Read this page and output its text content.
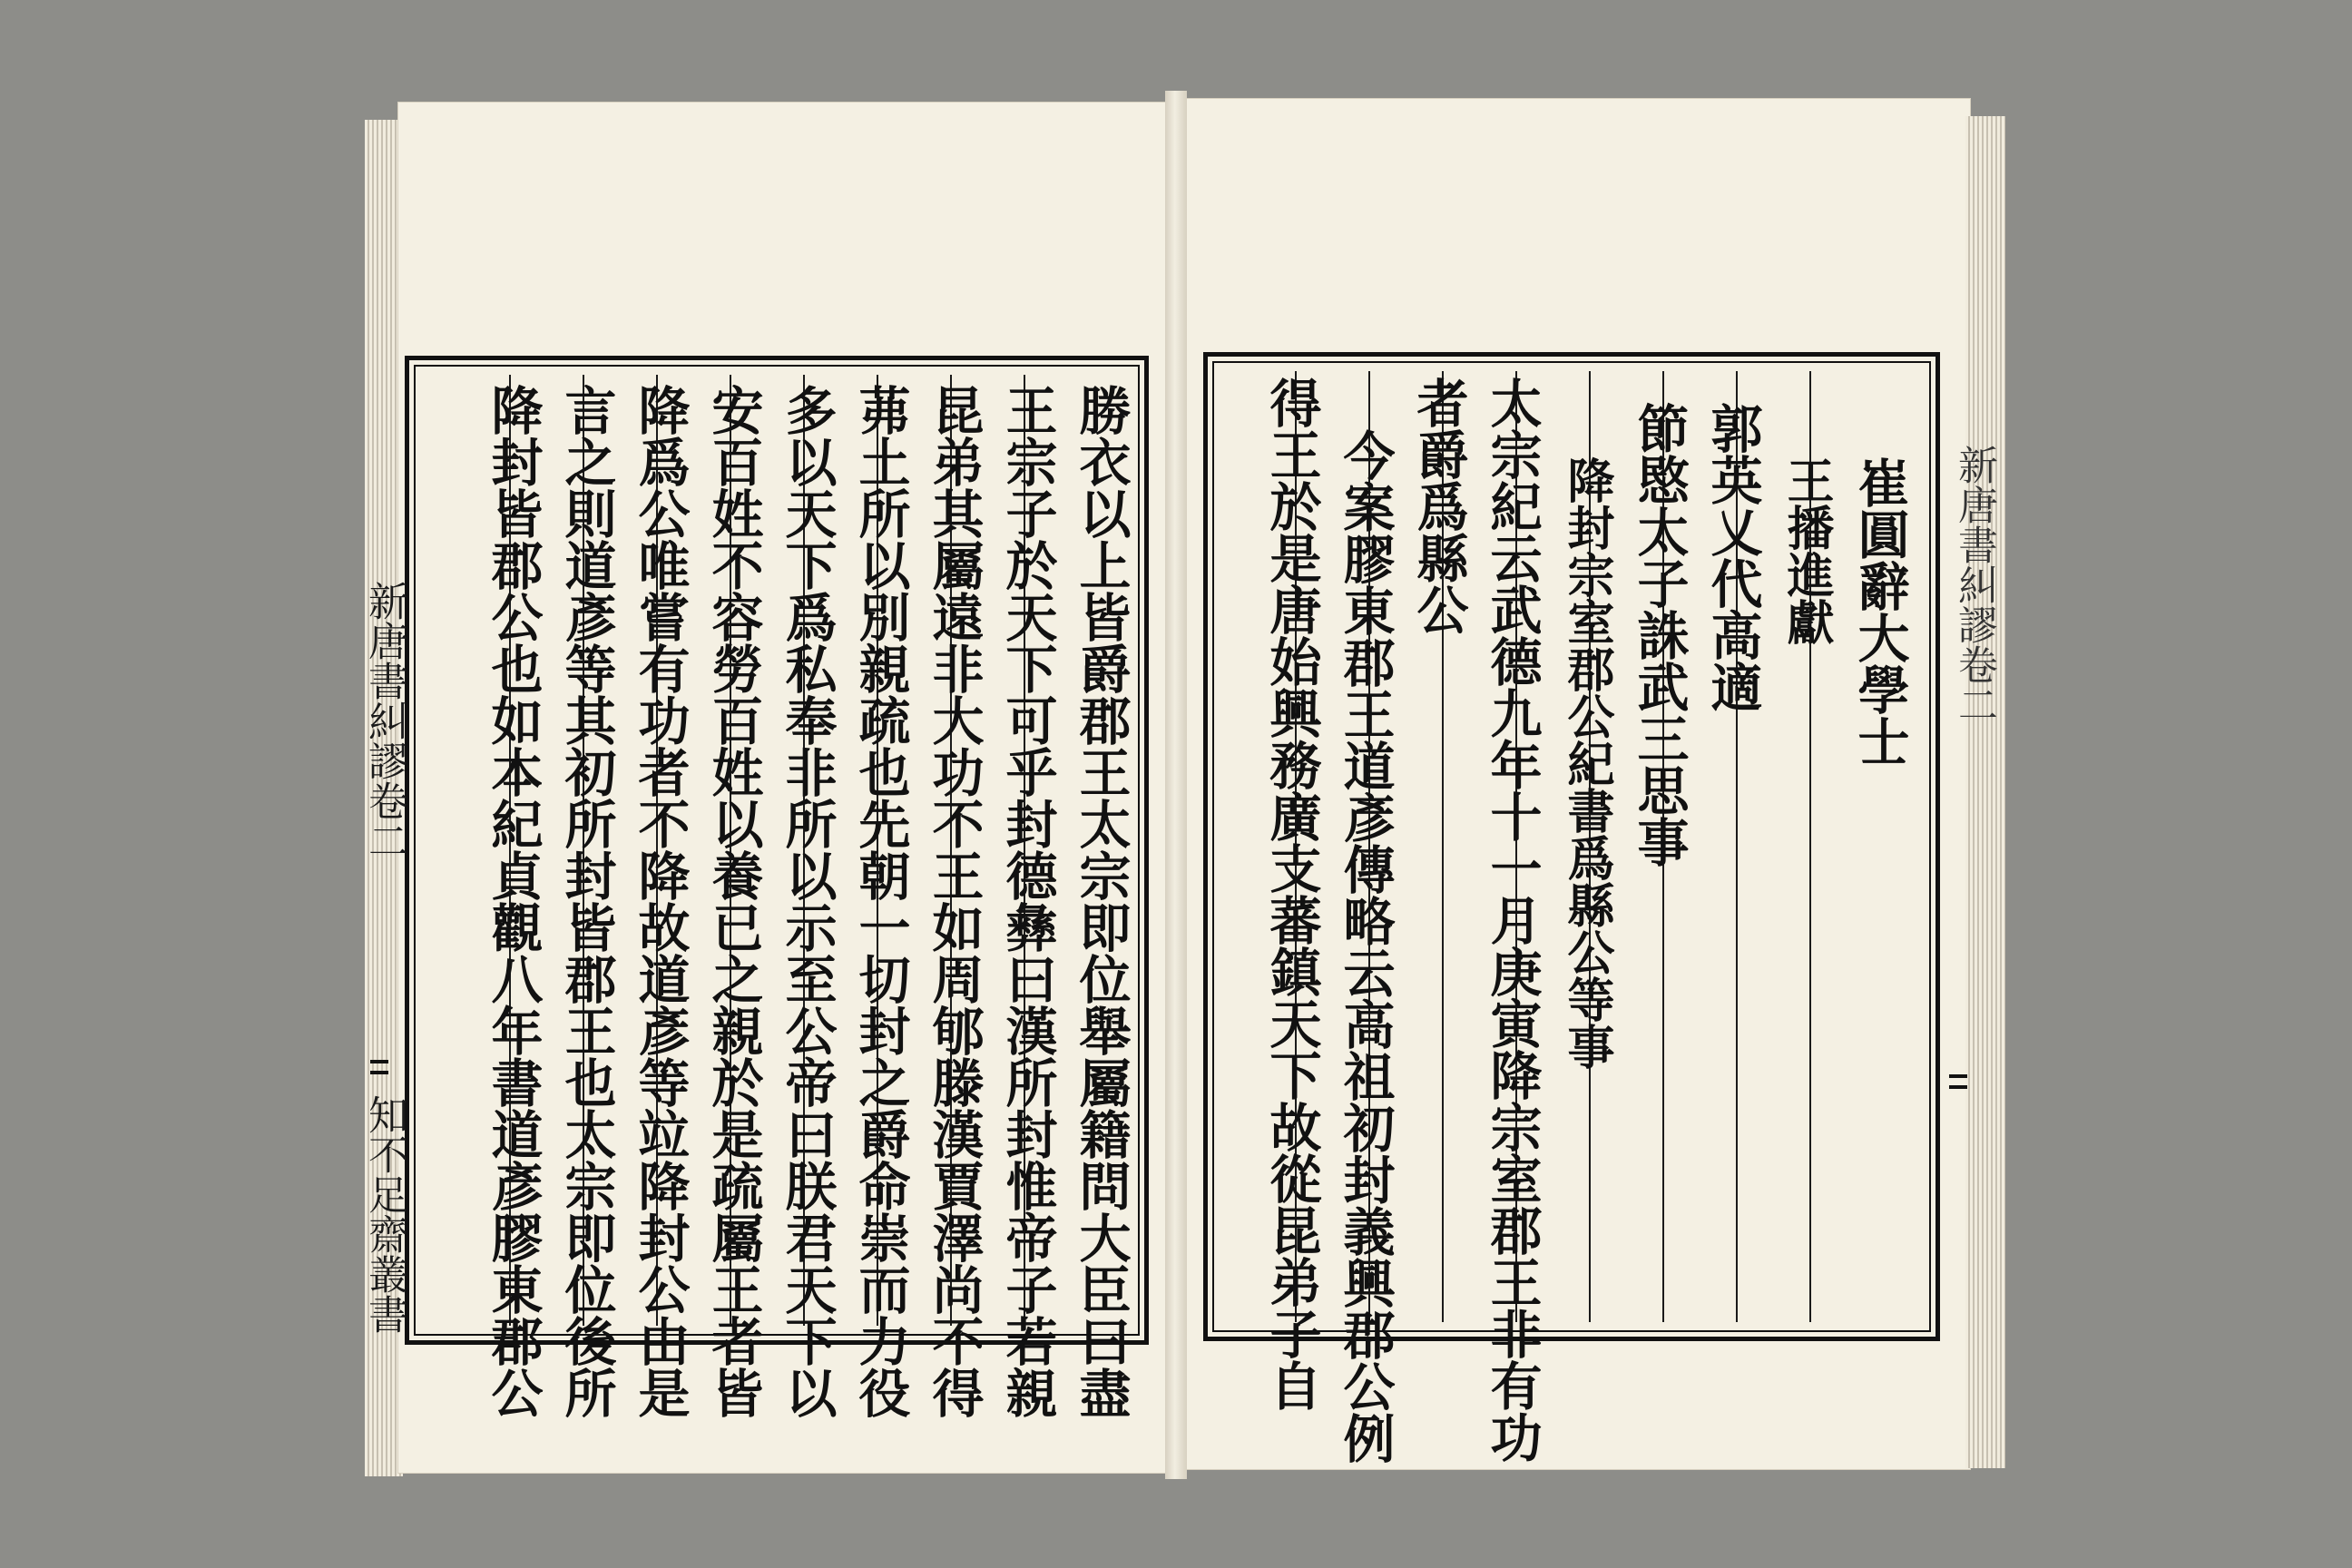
勝衣以上皆爵郡王太宗即位舉屬籍問大臣曰盡
王宗子於天下可乎封德彝曰漢所封惟帝子若親
昆弟其屬遠非大功不王如周郇滕漢賈澤尚不得
茀土所以別親疏也先朝一切封之爵命崇而力役
多以天下爲私奉非所以示至公帝曰朕君天下以
安百姓不容勞百姓以養已之親於是疏屬王者皆
降爲公唯嘗有功者不降故道彥等竝降封公由是
言之則道彥等其初所封皆郡王也太宗即位後所
降封皆郡公也如本紀貞觀八年書道彥膠東郡公
新唐書糾謬卷二
知不足齋叢書
崔圓辭大學士
王播進獻
郭英乂代高適
節愍太子誅武三思事
降封宗室郡公紀書爲縣公等事
太宗紀云武德九年十一月庚寅降宗室郡王非有功
者爵爲縣公
今案膠東郡王道彥傳略云高祖初封義興郡公例
得王於是唐始興務廣支蕃鎮天下故從昆弟子自	新唐書糾謬卷二
